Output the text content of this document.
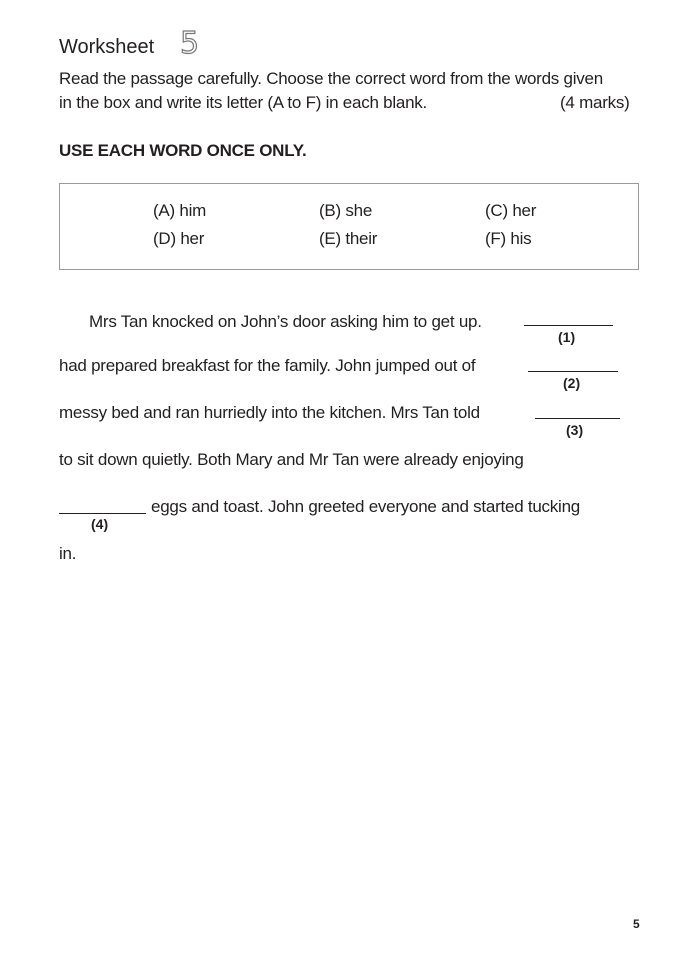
Worksheet 5
Read the passage carefully. Choose the correct word from the words given
in the box and write its letter (A to F) in each blank.	(4 marks)
USE EACH WORD ONCE ONLY.
(A) him	(B) she	(C) her
(D) her	(E) their	(F) his
Mrs Tan knocked on John’s door asking him to get up.
(1)
had prepared breakfast for the family. John jumped out of
(2)
messy bed and ran hurriedly into the kitchen. Mrs Tan told
(3)
to sit down quietly. Both Mary and Mr Tan were already enjoying
(4)
eggs and toast. John greeted everyone and started tucking
in.
5
